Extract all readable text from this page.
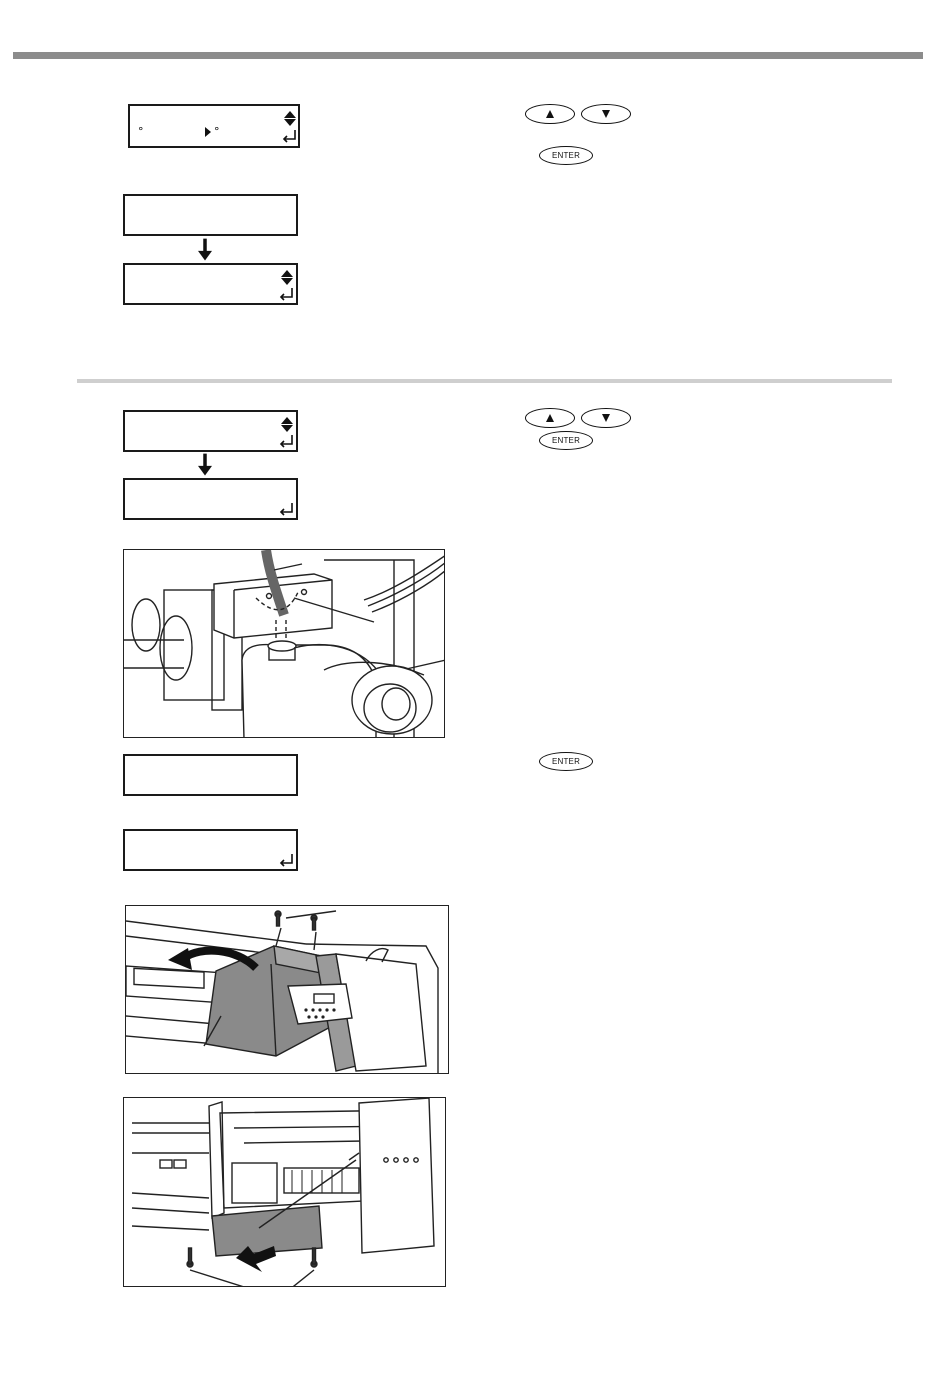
°	°
ENTER
ENTER
ENTER
